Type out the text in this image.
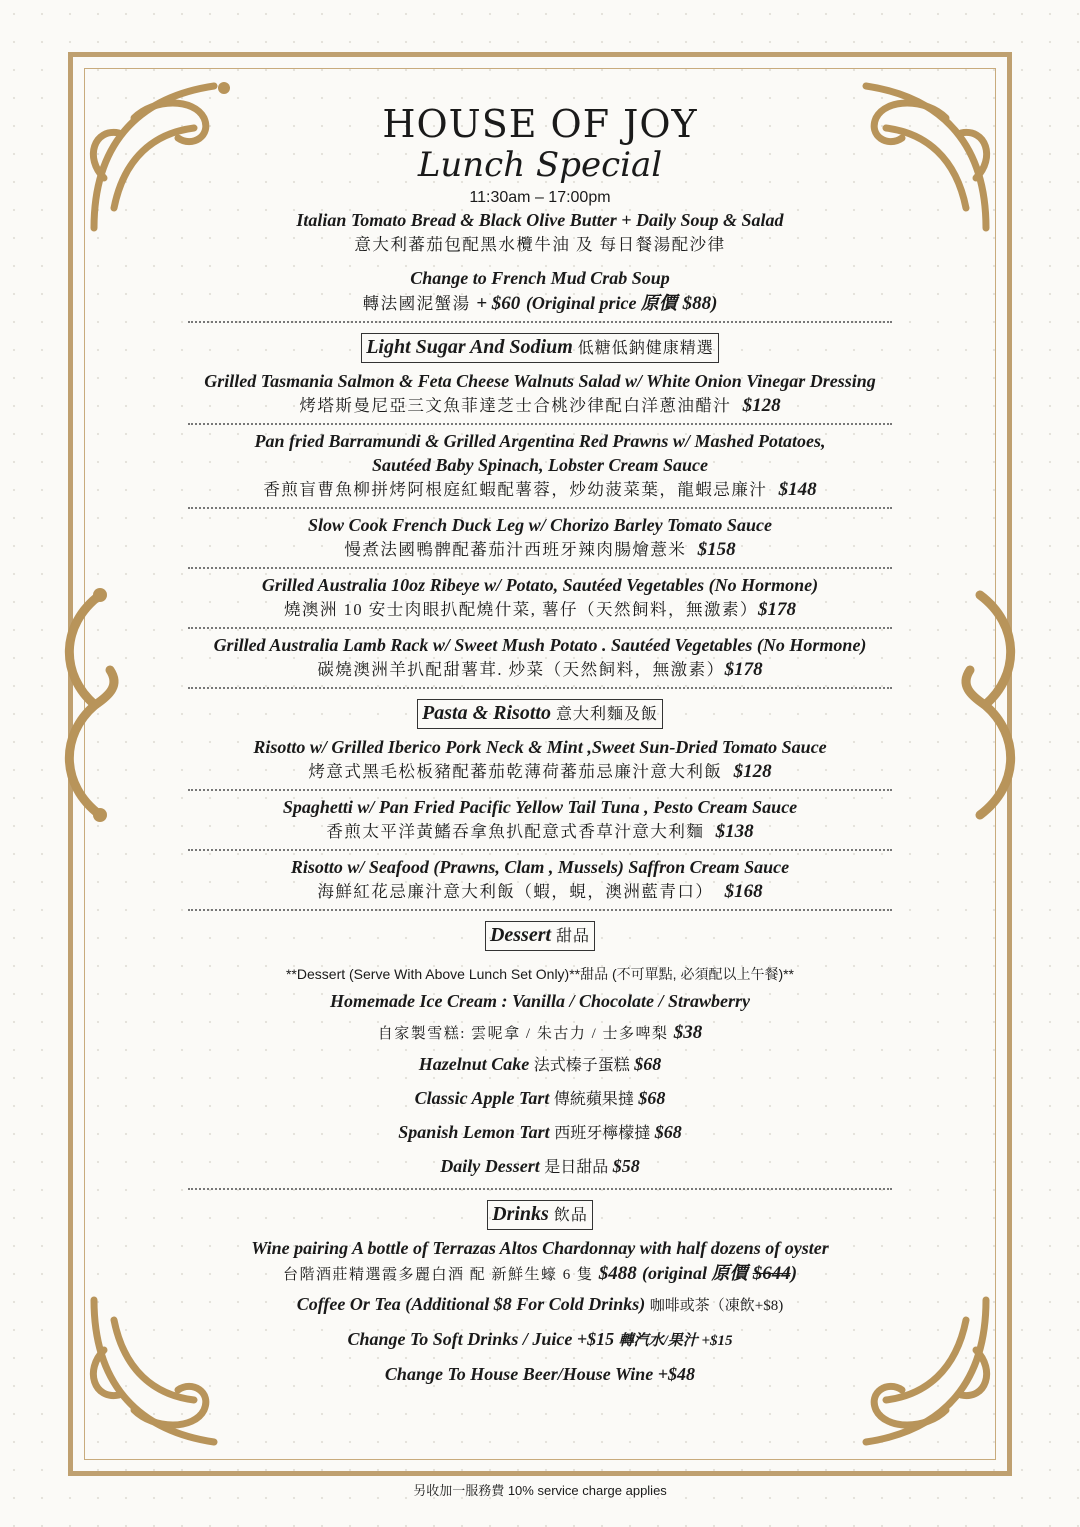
HOUSE OF JOY
Lunch Special
11:30am – 17:00pm
Italian Tomato Bread & Black Olive Butter + Daily Soup & Salad
意大利蕃茄包配黑水欖牛油 及 每日餐湯配沙律
Change to French Mud Crab Soup
轉法國泥蟹湯 + $60 (Original price 原價 $88)
Light Sugar And Sodium 低糖低鈉健康精選
Grilled Tasmania Salmon & Feta Cheese Walnuts Salad w/ White Onion Vinegar Dressing
烤塔斯曼尼亞三文魚菲達芝士合桃沙律配白洋蔥油醋汁 $128
Pan fried Barramundi & Grilled Argentina Red Prawns w/ Mashed Potatoes,
Sautéed Baby Spinach, Lobster Cream Sauce
香煎盲曹魚柳拼烤阿根庭紅蝦配薯蓉，炒幼菠菜葉，龍蝦忌廉汁 $148
Slow Cook French Duck Leg w/ Chorizo Barley Tomato Sauce
慢煮法國鴨髀配蕃茄汁西班牙辣肉腸燴薏米 $158
Grilled Australia 10oz Ribeye w/ Potato, Sautéed Vegetables (No Hormone)
燒澳洲 10 安士肉眼扒配燒什菜, 薯仔（天然飼料，無激素）$178
Grilled Australia Lamb Rack w/ Sweet Mush Potato . Sautéed Vegetables (No Hormone)
碳燒澳洲羊扒配甜薯茸. 炒菜（天然飼料，無激素）$178
Pasta & Risotto 意大利麵及飯
Risotto w/ Grilled Iberico Pork Neck & Mint ,Sweet Sun-Dried Tomato Sauce
烤意式黑毛松板豬配蕃茄乾薄荷蕃茄忌廉汁意大利飯 $128
Spaghetti w/ Pan Fried Pacific Yellow Tail Tuna , Pesto Cream Sauce
香煎太平洋黃鰭吞拿魚扒配意式香草汁意大利麵 $138
Risotto w/ Seafood (Prawns, Clam , Mussels) Saffron Cream Sauce
海鮮紅花忌廉汁意大利飯（蝦，蜆，澳洲藍青口） $168
Dessert 甜品
**Dessert (Serve With Above Lunch Set Only)**甜品 (不可單點, 必須配以上午餐)**
Homemade Ice Cream : Vanilla / Chocolate / Strawberry
自家製雪糕: 雲呢拿 / 朱古力 / 士多啤梨 $38
Hazelnut Cake 法式榛子蛋糕 $68
Classic Apple Tart 傳統蘋果撻 $68
Spanish Lemon Tart 西班牙檸檬撻 $68
Daily Dessert 是日甜品 $58
Drinks 飲品
Wine pairing A bottle of Terrazas Altos Chardonnay with half dozens of oyster
台階酒莊精選霞多麗白酒 配 新鮮生蠔 6 隻 $488 (original 原價 $644)
Coffee Or Tea (Additional $8 For Cold Drinks) 咖啡或茶（凍飲+$8)
Change To Soft Drinks / Juice +$15 轉汽水/果汁 +$15
Change To House Beer/House Wine +$48
另收加一服務費 10% service charge applies
